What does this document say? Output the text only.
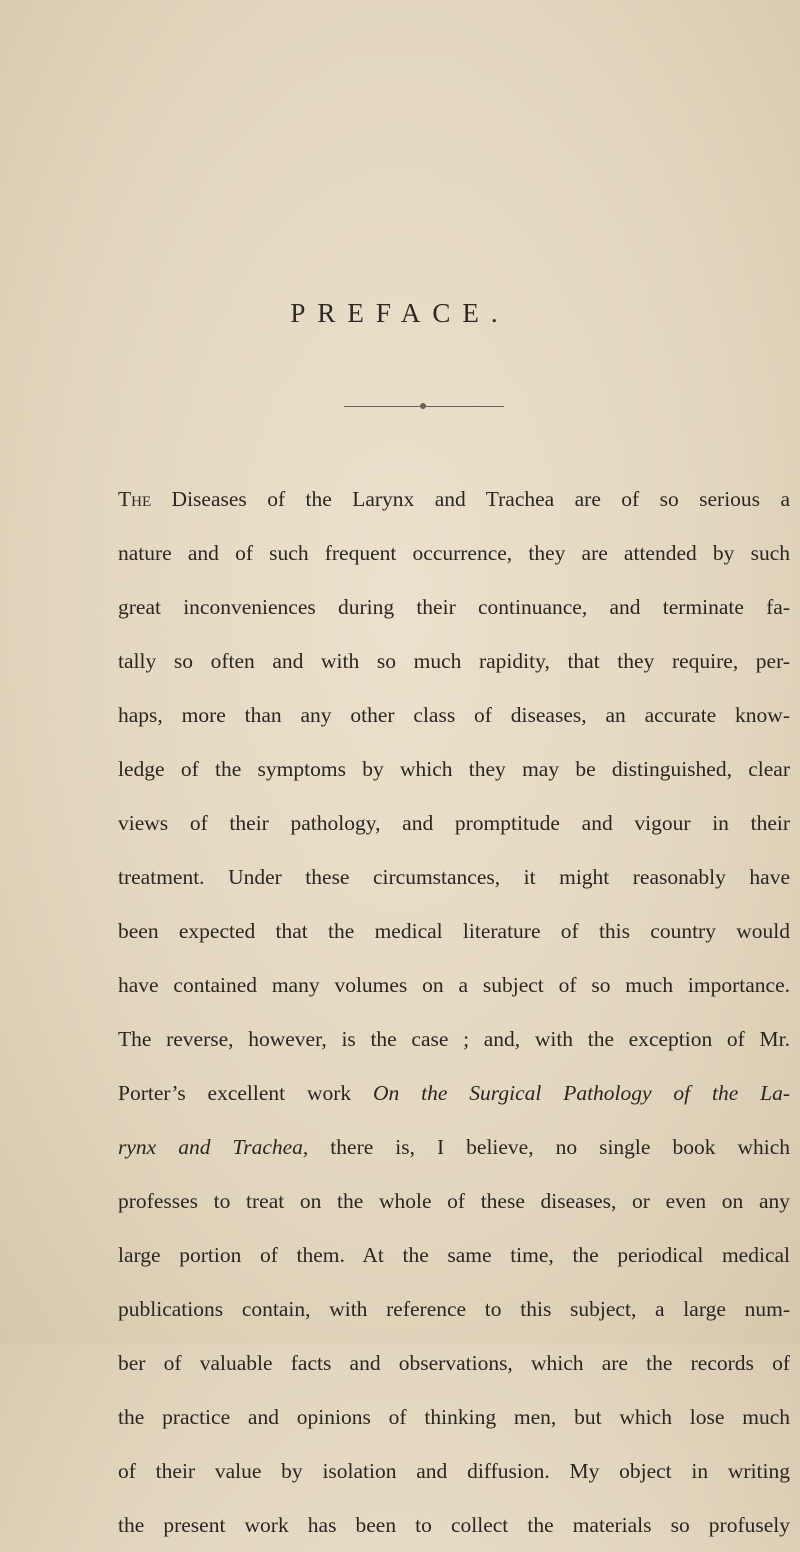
PREFACE.
The Diseases of the Larynx and Trachea are of so serious a
nature and of such frequent occurrence, they are attended by such
great inconveniences during their continuance, and terminate fa-
tally so often and with so much rapidity, that they require, per-
haps, more than any other class of diseases, an accurate know-
ledge of the symptoms by which they may be distinguished, clear
views of their pathology, and promptitude and vigour in their
treatment. Under these circumstances, it might reasonably have
been expected that the medical literature of this country would
have contained many volumes on a subject of so much importance.
The reverse, however, is the case ; and, with the exception of Mr.
Porter’s excellent work On the Surgical Pathology of the La-
rynx and Trachea, there is, I believe, no single book which
professes to treat on the whole of these diseases, or even on any
large portion of them. At the same time, the periodical medical
publications contain, with reference to this subject, a large num-
ber of valuable facts and observations, which are the records of
the practice and opinions of thinking men, but which lose much
of their value by isolation and diffusion. My object in writing
the present work has been to collect the materials so profusely
